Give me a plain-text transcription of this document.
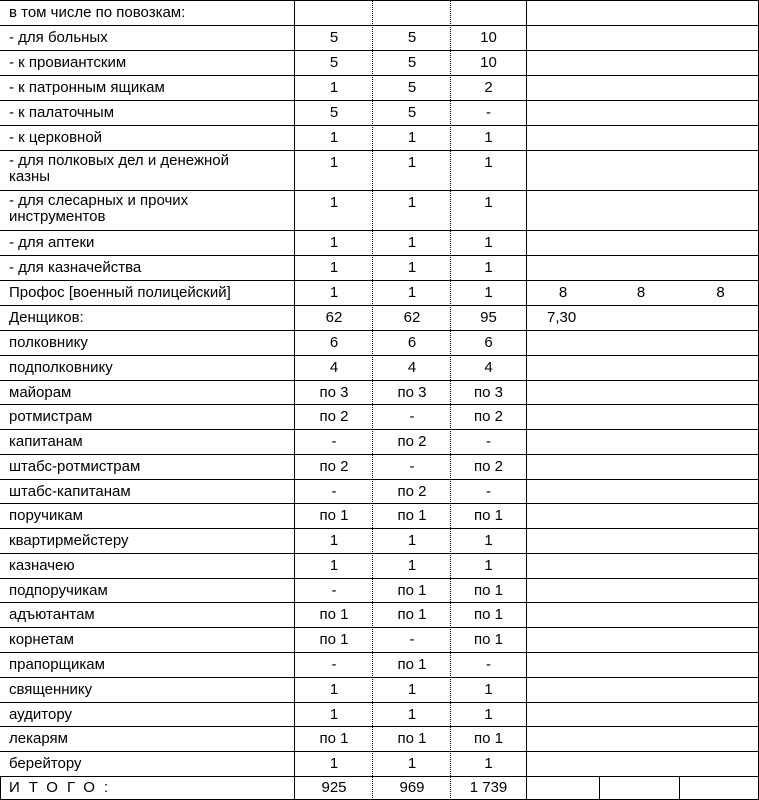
в том числе по повозкам:
- для больных	5	5	10
- к провиантским	5	5	10
- к патронным ящикам	1	5	2
- к палаточным	5	5	-
- к церковной	1	1	1
- для полковых дел и денежной казны
1	1	1
- для слесарных и прочих инструментов
1	1	1
- для аптеки	1	1	1
- для казначейства	1	1	1
Профос [военный полицейский]	1	1	1	8	8	8
Денщиков:	62	62	95	7,30
полковнику	6	6	6
подполковнику	4	4	4
майорам	по 3	по 3	по 3
ротмистрам	по 2	-	по 2
капитанам	-	по 2	-
штабс-ротмистрам	по 2	-	по 2
штабс-капитанам	-	по 2	-
поручикам	по 1	по 1	по 1
квартирмейстеру	1	1	1
казначею	1	1	1
подпоручикам	-	по 1	по 1
адъютантам	по 1	по 1	по 1
корнетам	по 1	-	по 1
прапорщикам	-	по 1	-
священнику	1	1	1
аудитору	1	1	1
лекарям	по 1	по 1	по 1
берейтору	1	1	1
ИТОГО:	925	969	1 739
